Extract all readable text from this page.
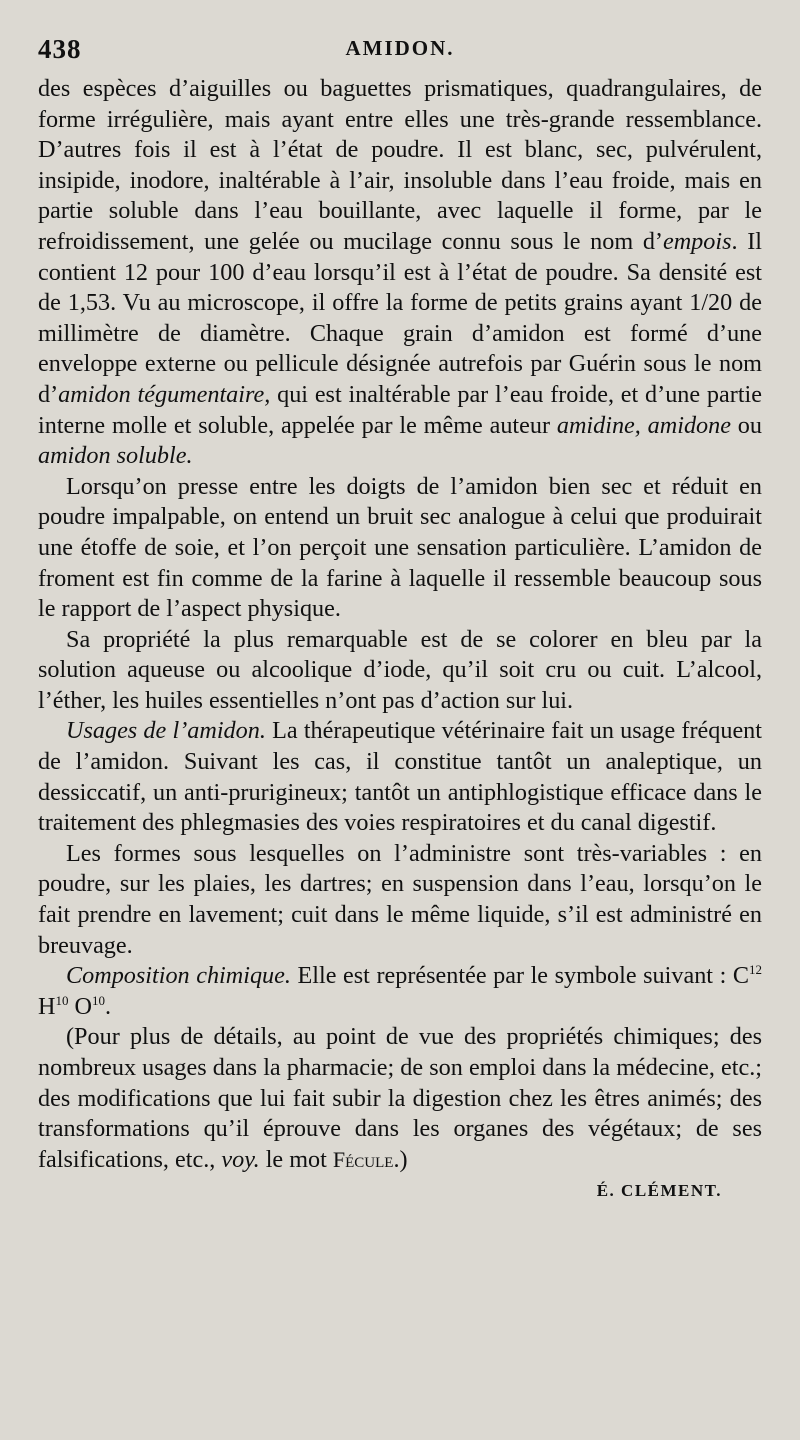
438	AMIDON.

des espèces d’aiguilles ou baguettes prismatiques, quadrangulaires, de forme irrégulière, mais ayant entre elles une très-grande ressemblance. D’autres fois il est à l’état de poudre. Il est blanc, sec, pulvérulent, insipide, inodore, inaltérable à l’air, insoluble dans l’eau froide, mais en partie soluble dans l’eau bouillante, avec laquelle il forme, par le refroidissement, une gelée ou mucilage connu sous le nom d’empois. Il contient 12 pour 100 d’eau lorsqu’il est à l’état de poudre. Sa densité est de 1,53. Vu au microscope, il offre la forme de petits grains ayant 1/20 de millimètre de diamètre. Chaque grain d’amidon est formé d’une enveloppe externe ou pellicule désignée autrefois par Guérin sous le nom d’amidon tégumentaire, qui est inaltérable par l’eau froide, et d’une partie interne molle et soluble, appelée par le même auteur amidine, amidone ou amidon soluble.

Lorsqu’on presse entre les doigts de l’amidon bien sec et réduit en poudre impalpable, on entend un bruit sec analogue à celui que produirait une étoffe de soie, et l’on perçoit une sensation particulière. L’amidon de froment est fin comme de la farine à laquelle il ressemble beaucoup sous le rapport de l’aspect physique.

Sa propriété la plus remarquable est de se colorer en bleu par la solution aqueuse ou alcoolique d’iode, qu’il soit cru ou cuit. L’alcool, l’éther, les huiles essentielles n’ont pas d’action sur lui.

Usages de l’amidon. La thérapeutique vétérinaire fait un usage fréquent de l’amidon. Suivant les cas, il constitue tantôt un analeptique, un dessiccatif, un anti-prurigineux; tantôt un antiphlogistique efficace dans le traitement des phlegmasies des voies respiratoires et du canal digestif.

Les formes sous lesquelles on l’administre sont très-variables : en poudre, sur les plaies, les dartres; en suspension dans l’eau, lorsqu’on le fait prendre en lavement; cuit dans le même liquide, s’il est administré en breuvage.

Composition chimique. Elle est représentée par le symbole suivant : $C^{12}$ $H^{10}$ $O^{10}$.

(Pour plus de détails, au point de vue des propriétés chimiques; des nombreux usages dans la pharmacie; de son emploi dans la médecine, etc.; des modifications que lui fait subir la digestion chez les êtres animés; des transformations qu’il éprouve dans les organes des végétaux; de ses falsifications, etc., voy. le mot Fécule.)

É. CLÉMENT.
